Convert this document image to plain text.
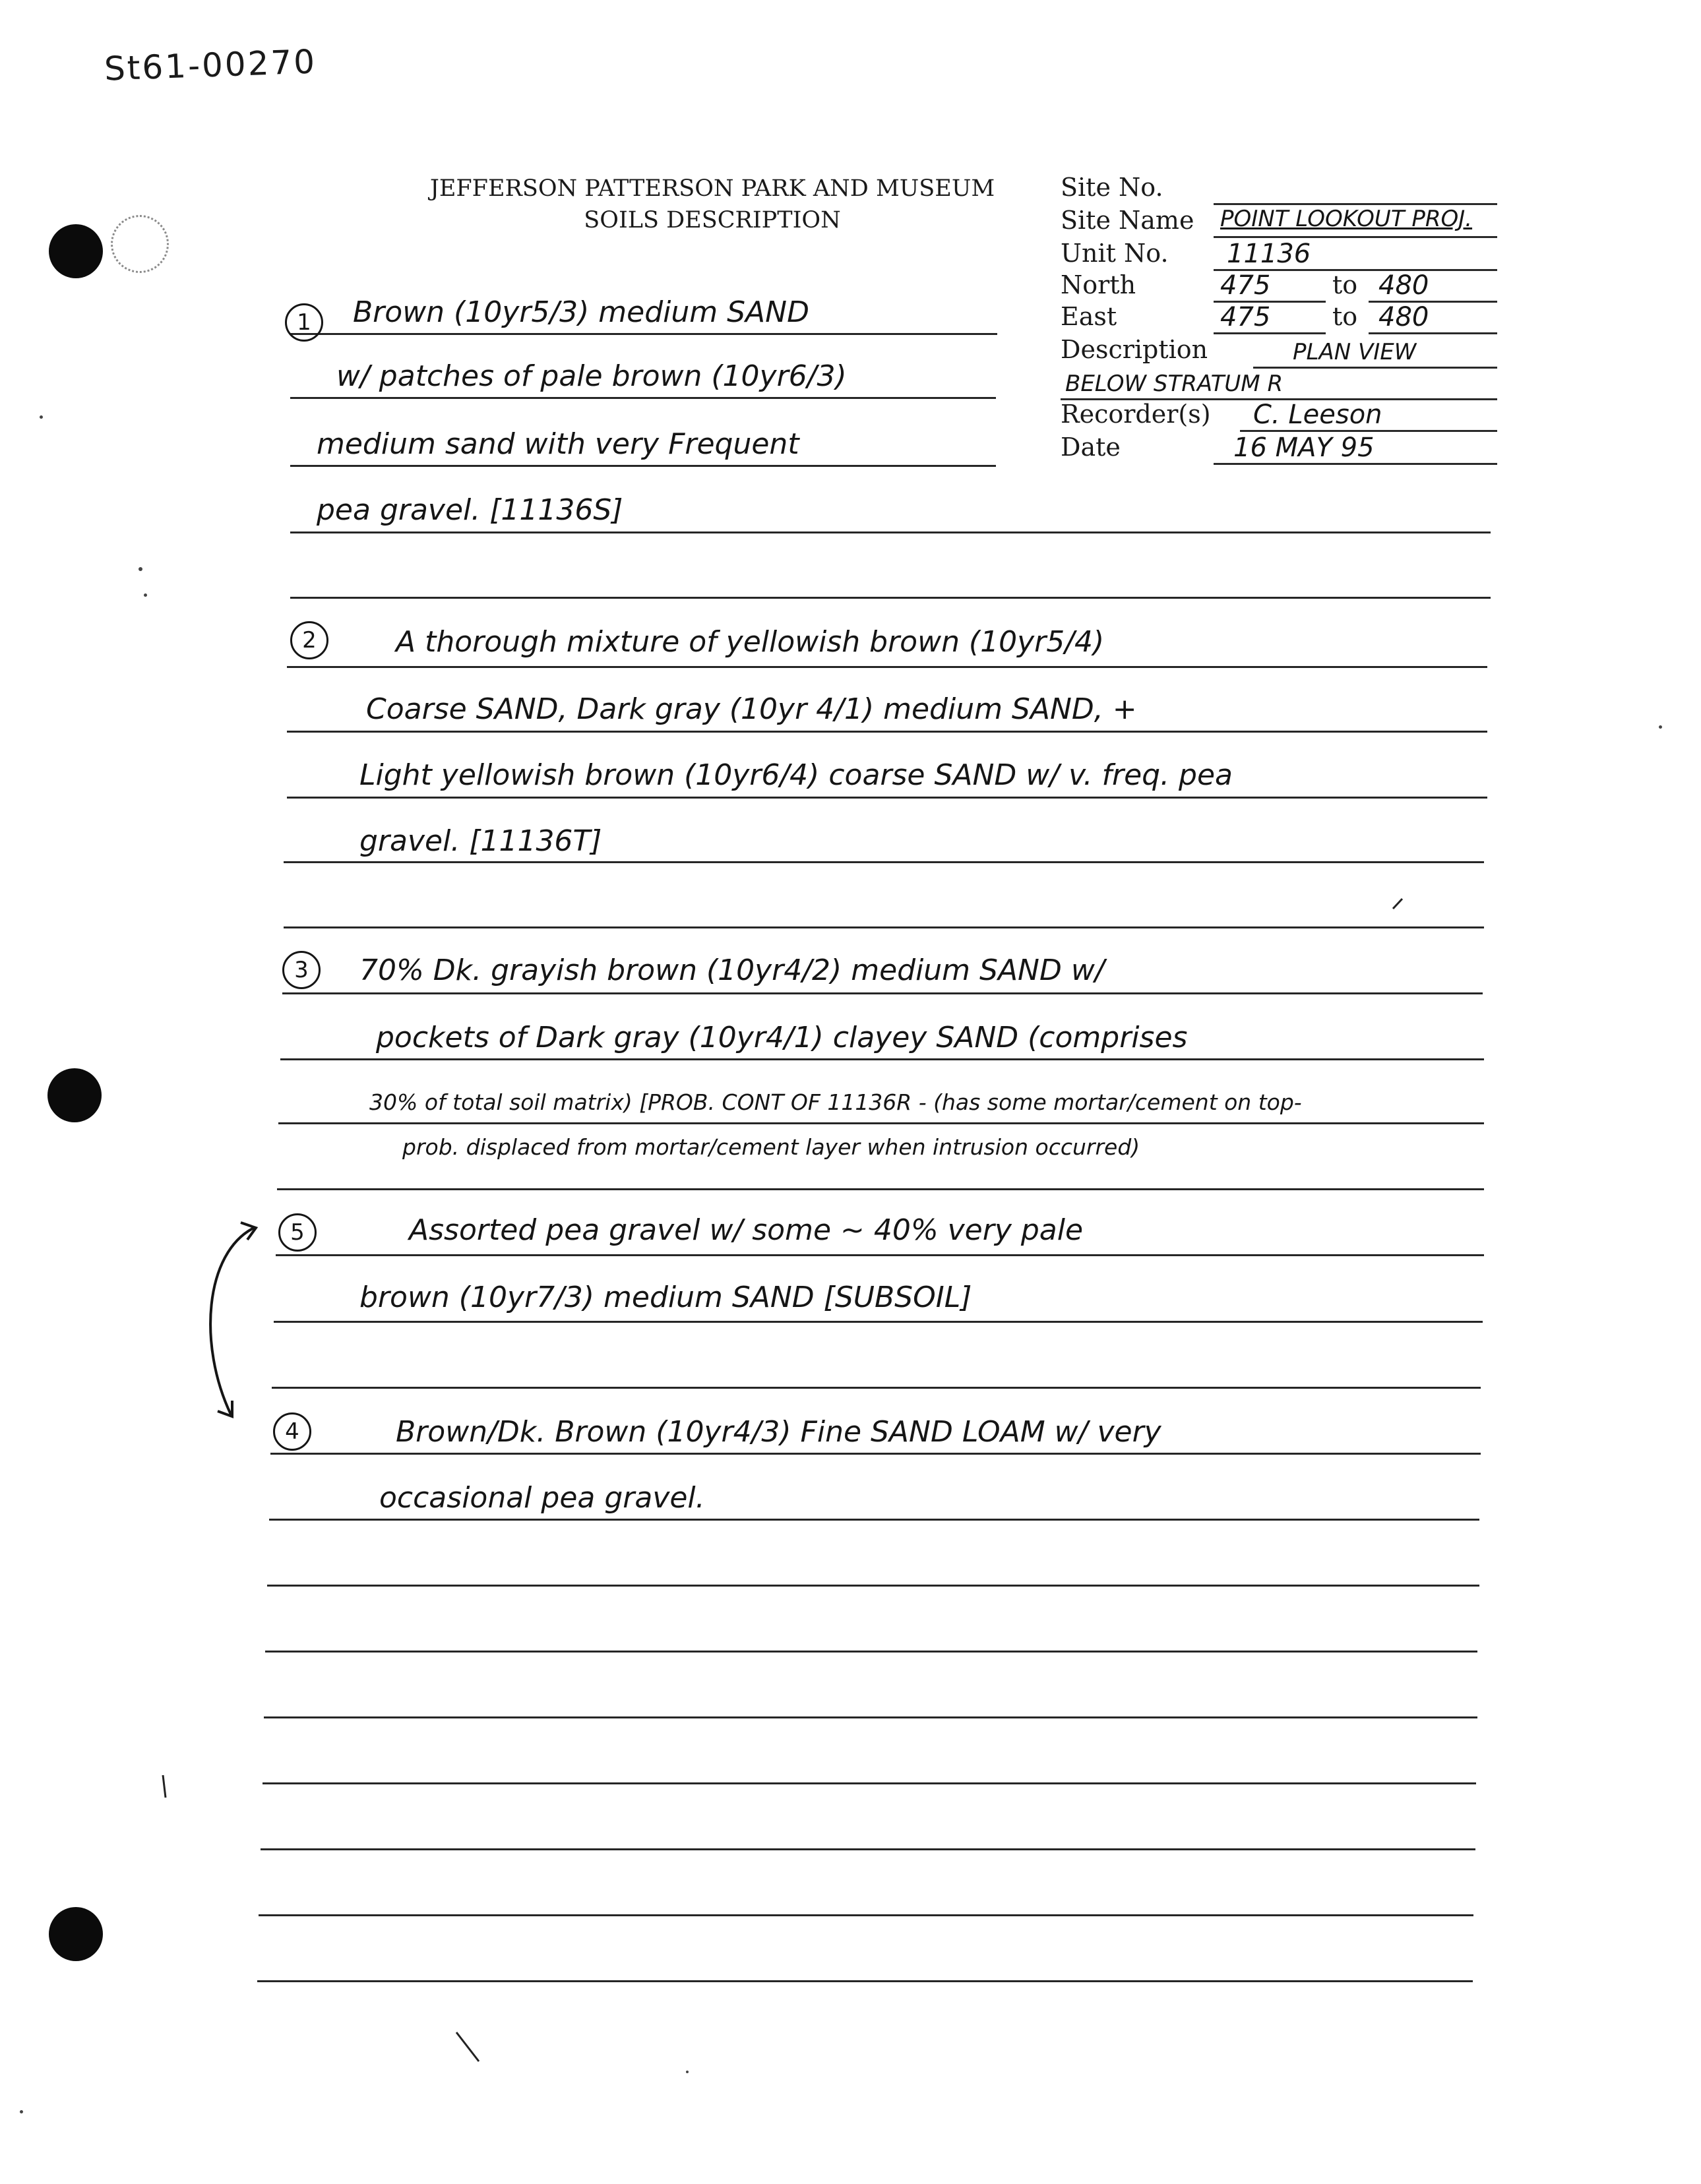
St61-00270
JEFFERSON PATTERSON PARK AND MUSEUM
SOILS DESCRIPTION
Site No.
Site Name POINT LOOKOUT PROJ.
Unit No. 11136
North	475 to 480
East	475 to 480
Description	PLAN VIEW
BELOW STRATUM R
Recorder(s) C. Leeson
Date	16 MAY 95
1	Brown (10yr5/3) medium SAND
w/ patches of pale brown (10yr6/3)
medium sand with very Frequent
pea gravel. [11136S]
2	A thorough mixture of yellowish brown (10yr5/4)
Coarse SAND, Dark gray (10yr 4/1) medium SAND, +
Light yellowish brown (10yr6/4) coarse SAND w/ v. freq. pea
gravel. [11136T]
3	70% Dk. grayish brown (10yr4/2) medium SAND w/
pockets of Dark gray (10yr4/1) clayey SAND (comprises
30% of total soil matrix) [PROB. CONT OF 11136R - (has some mortar/cement on top-
prob. displaced from mortar/cement layer when intrusion occurred)
5	Assorted pea gravel w/ some ~ 40% very pale
brown (10yr7/3) medium SAND [SUBSOIL]
4	Brown/Dk. Brown (10yr4/3) Fine SAND LOAM w/ very
occasional pea gravel.
